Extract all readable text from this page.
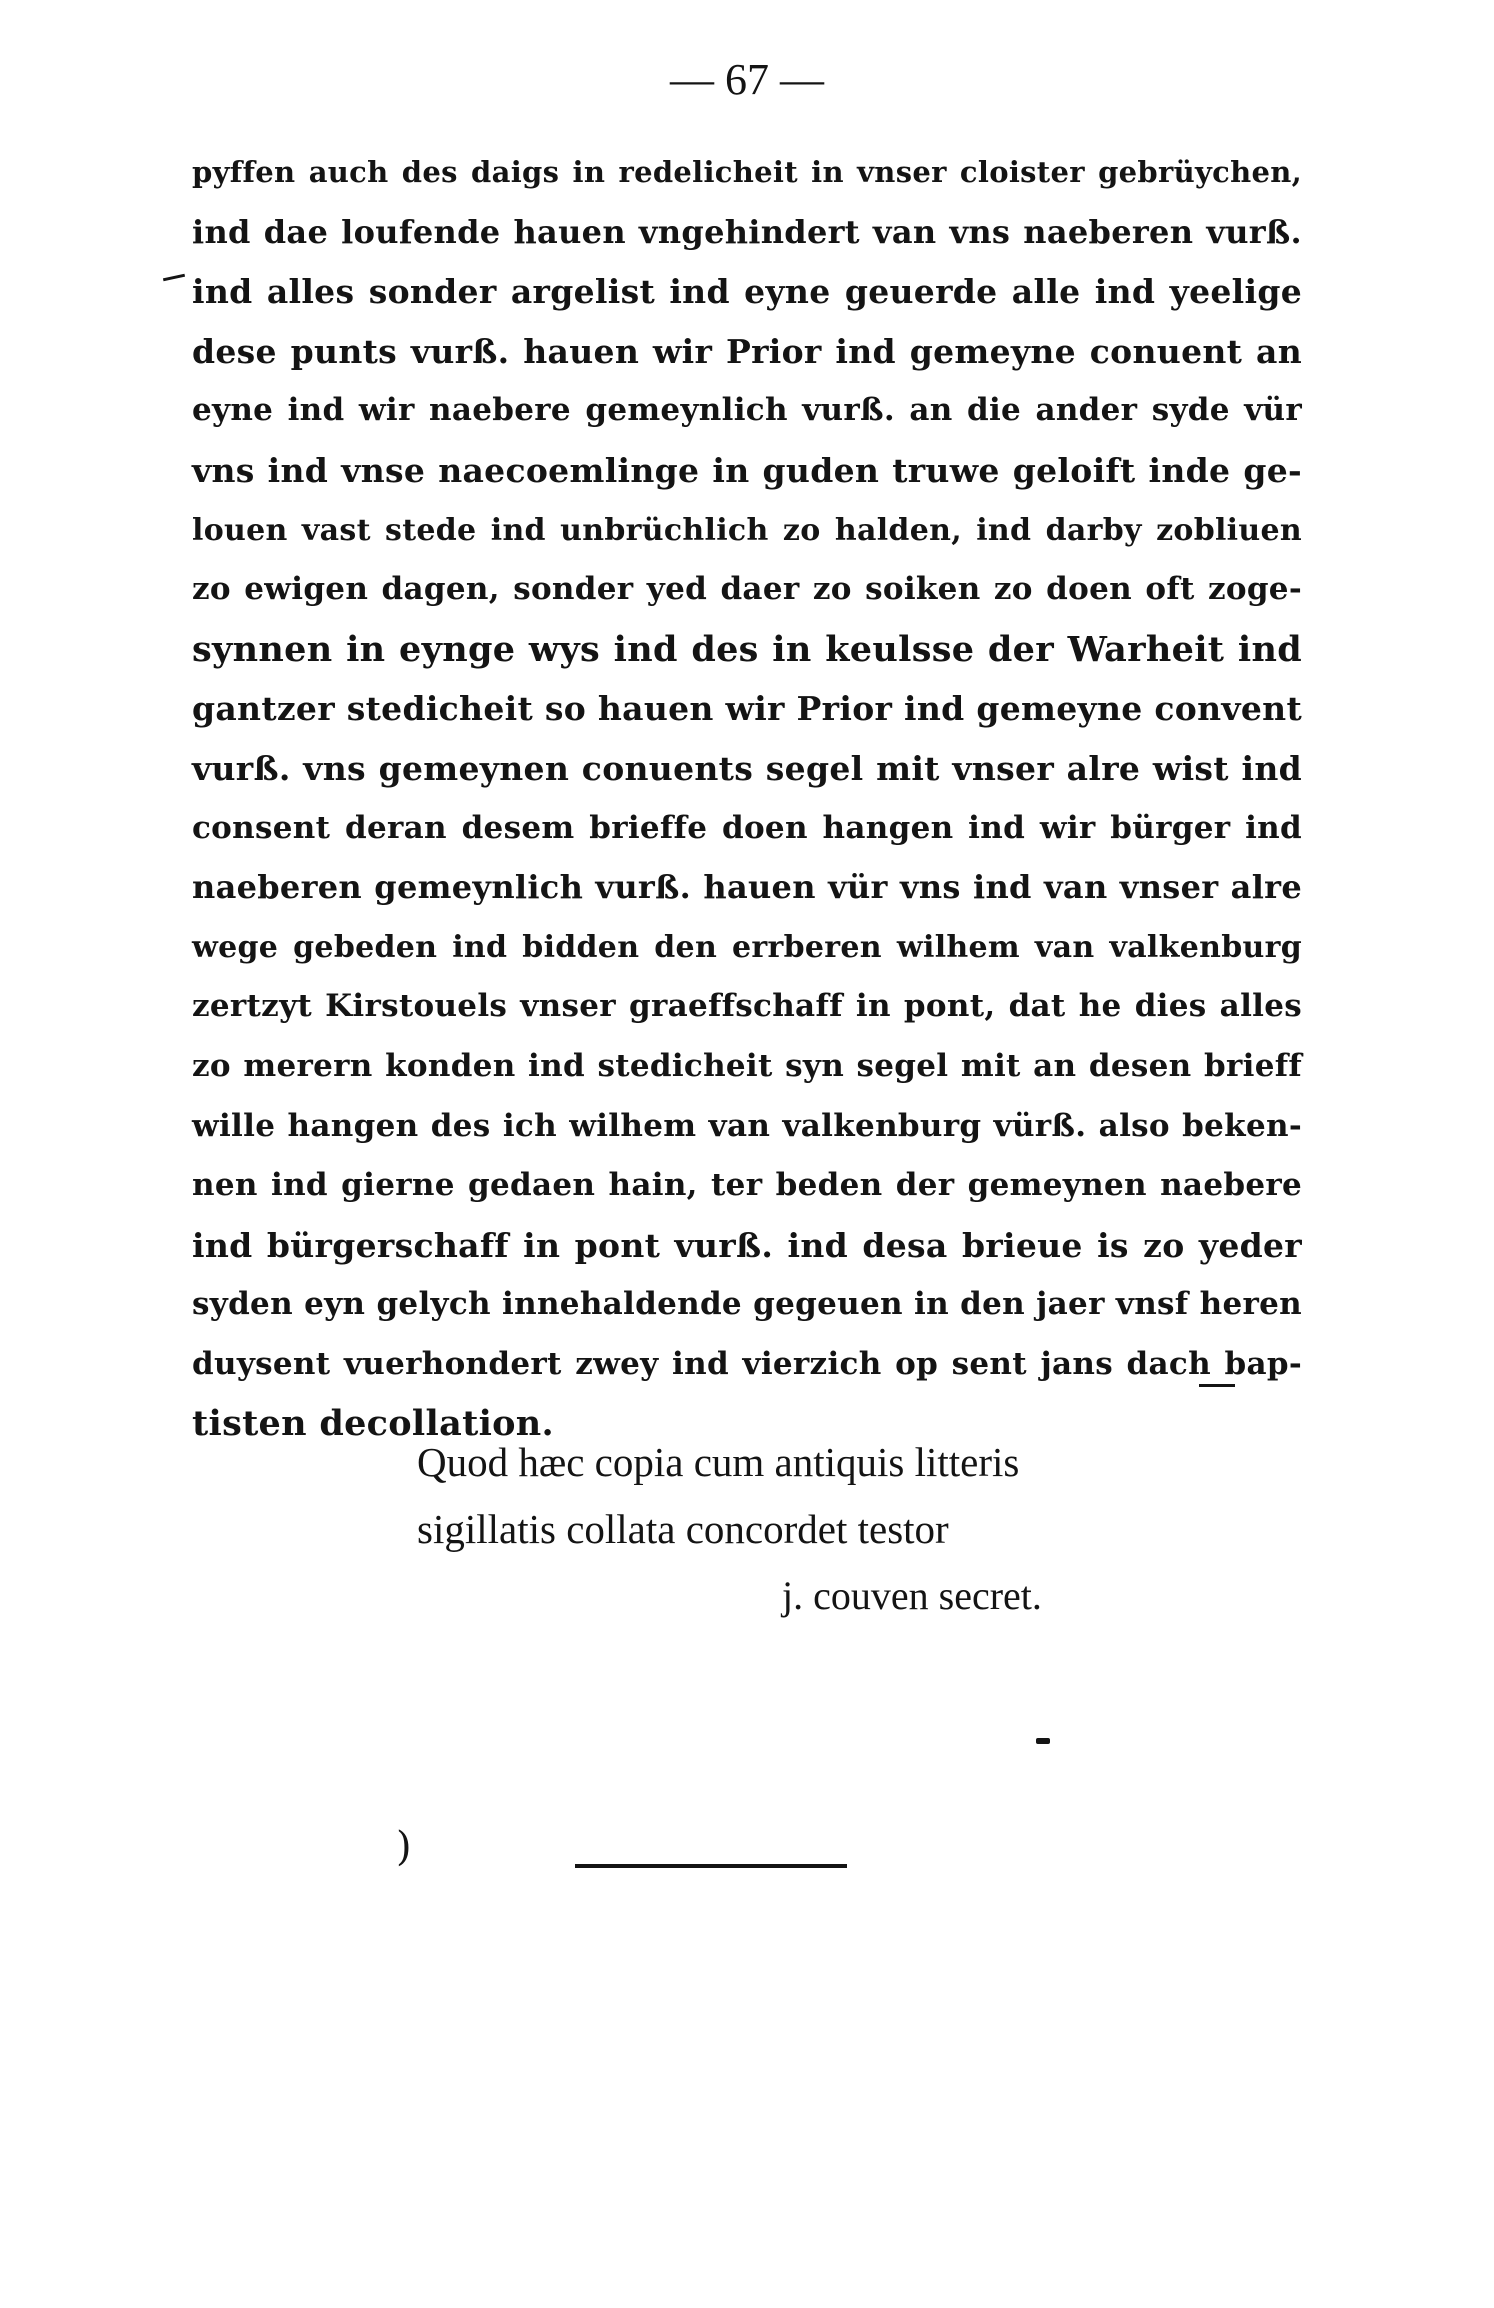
— 67 —
pyffen auch des daigs in redelicheit in vnser cloister gebrüychen,
ind dae loufende hauen vngehindert van vns naeberen vurß.
ind alles sonder argelist ind eyne geuerde alle ind yeelige
dese punts vurß. hauen wir Prior ind gemeyne conuent an
eyne ind wir naebere gemeynlich vurß. an die ander syde vür
vns ind vnse naecoemlinge in guden truwe geloift inde ge-
louen vast stede ind unbrüchlich zo halden, ind darby zobliuen
zo ewigen dagen, sonder yed daer zo soiken zo doen oft zoge-
synnen in eynge wys ind des in keulsse der Warheit ind
gantzer stedicheit so hauen wir Prior ind gemeyne convent
vurß. vns gemeynen conuents segel mit vnser alre wist ind
consent deran desem brieffe doen hangen ind wir bürger ind
naeberen gemeynlich vurß. hauen vür vns ind van vnser alre
wege gebeden ind bidden den errberen wilhem van valkenburg
zertzyt Kirstouels vnser graeffschaff in pont, dat he dies alles
zo merern konden ind stedicheit syn segel mit an desen brieff
wille hangen des ich wilhem van valkenburg vürß. also beken-
nen ind gierne gedaen hain, ter beden der gemeynen naebere
ind bürgerschaff in pont vurß. ind desa brieue is zo yeder
syden eyn gelych innehaldende gegeuen in den jaer vnsf heren
duysent vuerhondert zwey ind vierzich op sent jans dach bap-
tisten decollation.
Quod hæc copia cum antiquis litteris
sigillatis collata concordet testor
j. couven secret.
)
